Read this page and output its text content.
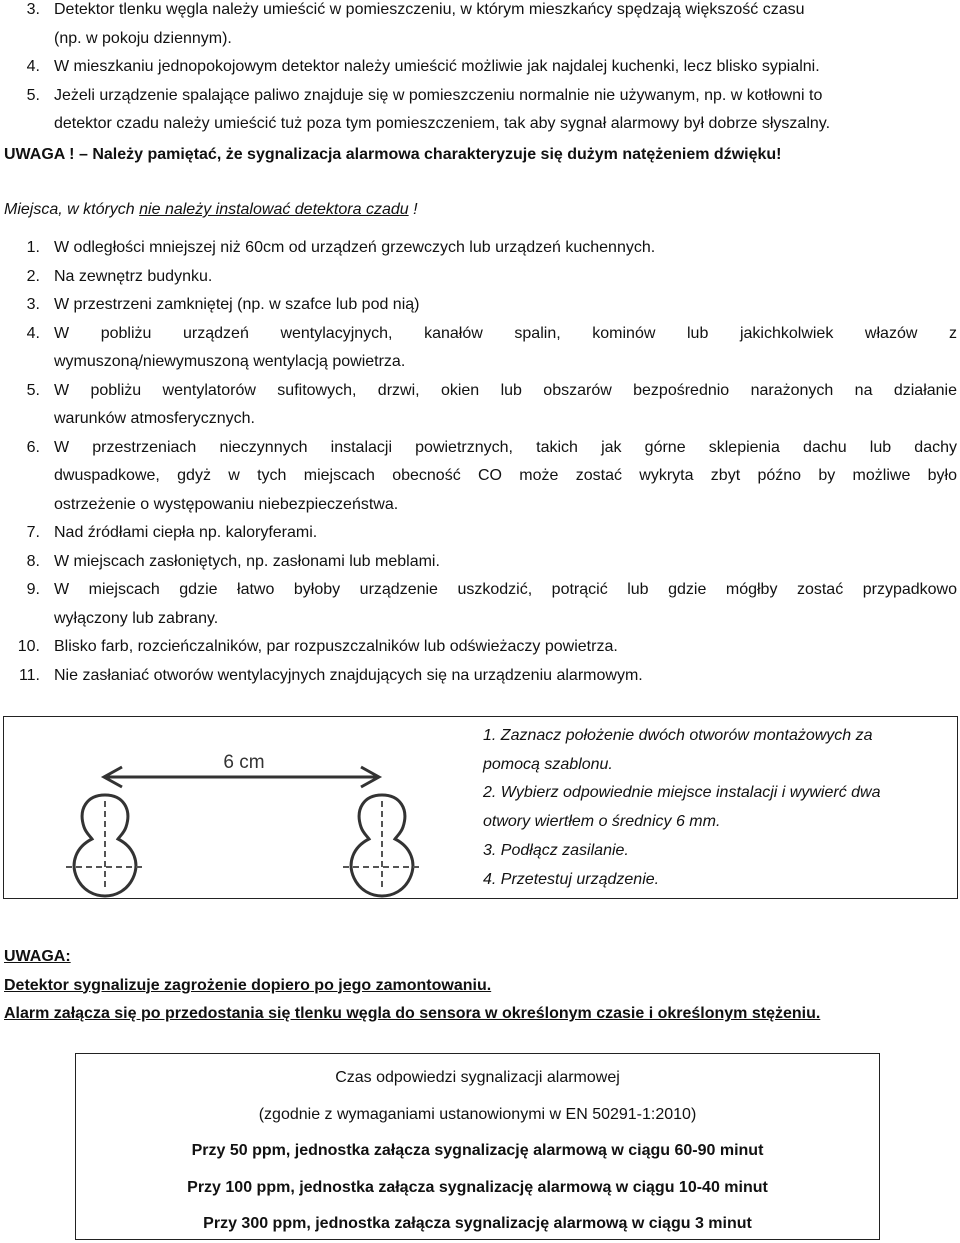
3. Detektor tlenku węgla należy umieścić w pomieszczeniu, w którym mieszkańcy spędzają większość czasu
(np. w pokoju dziennym).
4. W mieszkaniu jednopokojowym detektor należy umieścić możliwie jak najdalej kuchenki, lecz blisko sypialni.
5. Jeżeli urządzenie spalające paliwo znajduje się w pomieszczeniu normalnie nie używanym, np. w kotłowni to
detektor czadu należy umieścić tuż poza tym pomieszczeniem, tak aby sygnał alarmowy był dobrze słyszalny.
UWAGA ! – Należy pamiętać, że sygnalizacja alarmowa charakteryzuje się dużym natężeniem dźwięku!
Miejsca, w których nie należy instalować detektora czadu !
1. W odległości mniejszej niż 60cm od urządzeń grzewczych lub urządzeń kuchennych.
2. Na zewnętrz budynku.
3. W przestrzeni zamkniętej (np. w szafce lub pod nią)
4. W pobliżu urządzeń wentylacyjnych, kanałów spalin, kominów lub jakichkolwiek włazów z
wymuszoną/niewymuszoną wentylacją powietrza.
5. W pobliżu wentylatorów sufitowych, drzwi, okien lub obszarów bezpośrednio narażonych na działanie
warunków atmosferycznych.
6. W przestrzeniach nieczynnych instalacji powietrznych, takich jak górne sklepienia dachu lub dachy
dwuspadkowe, gdyż w tych miejscach obecność CO może zostać wykryta zbyt późno by możliwe było
ostrzeżenie o występowaniu niebezpieczeństwa.
7. Nad źródłami ciepła np. kaloryferami.
8. W miejscach zasłoniętych, np. zasłonami lub meblami.
9. W miejscach gdzie łatwo byłoby urządzenie uszkodzić, potrącić lub gdzie mógłby zostać przypadkowo
wyłączony lub zabrany.
10. Blisko farb, rozcieńczalników, par rozpuszczalników lub odświeżaczy powietrza.
11. Nie zasłaniać otworów wentylacyjnych znajdujących się na urządzeniu alarmowym.
6 cm
1. Zaznacz położenie dwóch otworów montażowych za
pomocą szablonu.
2. Wybierz odpowiednie miejsce instalacji i wywierć dwa
otwory wiertłem o średnicy 6 mm.
3. Podłącz zasilanie.
4. Przetestuj urządzenie.
UWAGA:
Detektor sygnalizuje zagrożenie dopiero po jego zamontowaniu.
Alarm załącza się po przedostania się tlenku węgla do sensora w określonym czasie i określonym stężeniu.
Czas odpowiedzi sygnalizacji alarmowej
(zgodnie z wymaganiami ustanowionymi w EN 50291-1:2010)
Przy 50 ppm, jednostka załącza sygnalizację alarmową w ciągu 60-90 minut
Przy 100 ppm, jednostka załącza sygnalizację alarmową w ciągu 10-40 minut
Przy 300 ppm, jednostka załącza sygnalizację alarmową w ciągu 3 minut
